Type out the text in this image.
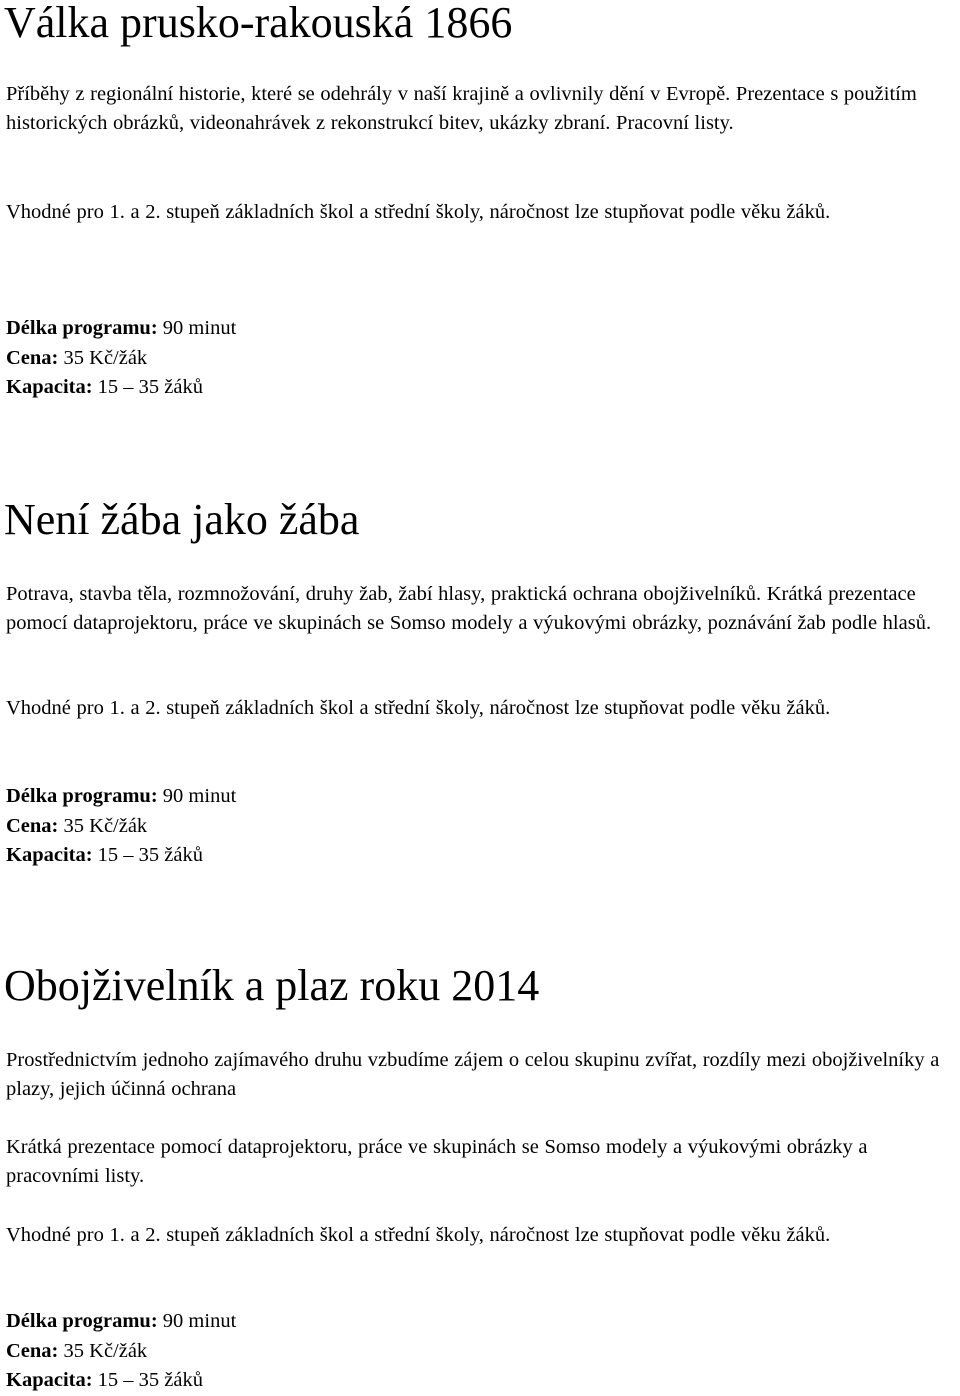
Válka prusko-rakouská 1866

Příběhy z regionální historie, které se odehrály v naší krajině a ovlivnily dění v Evropě. Prezentace s použitím historických obrázků, videonahrávek z rekonstrukcí bitev, ukázky zbraní. Pracovní listy.

Vhodné pro 1. a 2. stupeň základních škol a střední školy, náročnost lze stupňovat podle věku žáků.

Délka programu: 90 minut
Cena: 35 Kč/žák
Kapacita: 15 – 35 žáků
Není žába jako žába

Potrava, stavba těla, rozmnožování, druhy žab, žabí hlasy, praktická ochrana obojživelníků. Krátká prezentace pomocí dataprojektoru, práce ve skupinách se Somso modely a výukovými obrázky, poznávání žab podle hlasů.

Vhodné pro 1. a 2. stupeň základních škol a střední školy, náročnost lze stupňovat podle věku žáků.

Délka programu: 90 minut
Cena: 35 Kč/žák
Kapacita: 15 – 35 žáků
Obojživelník a plaz roku 2014

Prostřednictvím jednoho zajímavého druhu vzbudíme zájem o celou skupinu zvířat, rozdíly mezi obojživelníky a plazy, jejich účinná ochrana

Krátká prezentace pomocí dataprojektoru, práce ve skupinách se Somso modely a výukovými obrázky a pracovními listy.

Vhodné pro 1. a 2. stupeň základních škol a střední školy, náročnost lze stupňovat podle věku žáků.

Délka programu: 90 minut
Cena: 35 Kč/žák
Kapacita: 15 – 35 žáků
